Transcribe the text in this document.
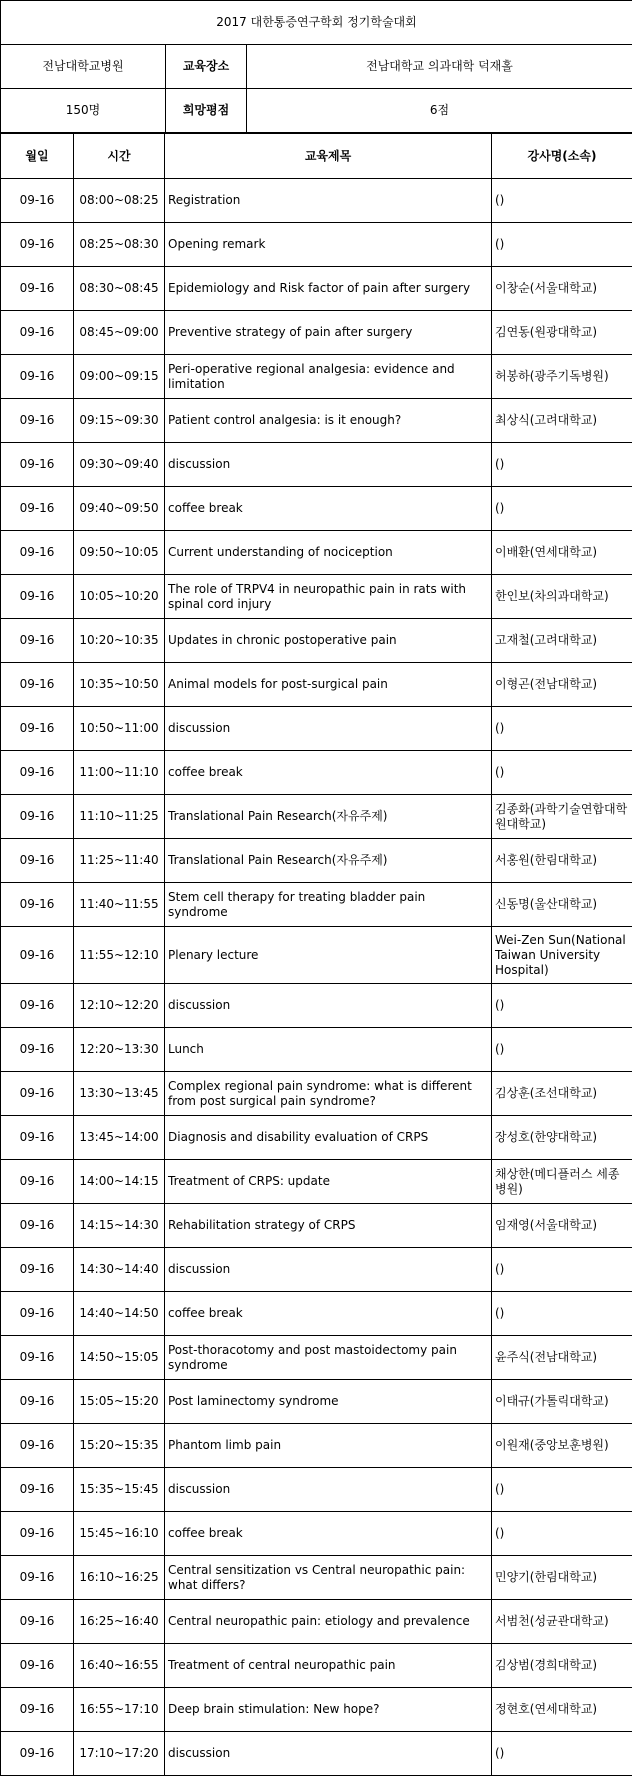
2017 대한통증연구학회 정기학술대회		
전남대학교병원	교육장소	전남대학교 의과대학 덕재홀
150명	희망평점	6점
월일	시간	교육제목	강사명(소속)
09-16	08:00~08:25	Registration	()
09-16	08:25~08:30	Opening remark	()
09-16	08:30~08:45	Epidemiology and Risk factor of pain after surgery	이창순(서울대학교)
09-16	08:45~09:00	Preventive strategy of pain after surgery	김연동(원광대학교)
09-16	09:00~09:15	Peri-operative regional analgesia: evidence and limitation	허봉하(광주기독병원)
09-16	09:15~09:30	Patient control analgesia: is it enough?	최상식(고려대학교)
09-16	09:30~09:40	discussion	()
09-16	09:40~09:50	coffee break	()
09-16	09:50~10:05	Current understanding of nociception	이배환(연세대학교)
09-16	10:05~10:20	The role of TRPV4 in neuropathic pain in rats with spinal cord injury	한인보(차의과대학교)
09-16	10:20~10:35	Updates in chronic postoperative pain	고재철(고려대학교)
09-16	10:35~10:50	Animal models for post-surgical pain	이형곤(전남대학교)
09-16	10:50~11:00	discussion	()
09-16	11:00~11:10	coffee break	()
09-16	11:10~11:25	Translational Pain Research(자유주제)	김종화(과학기술연합대학원대학교)
09-16	11:25~11:40	Translational Pain Research(자유주제)	서홍원(한림대학교)
09-16	11:40~11:55	Stem cell therapy for treating bladder pain syndrome	신동명(울산대학교)
09-16	11:55~12:10	Plenary lecture	Wei-Zen Sun(National Taiwan University Hospital)
09-16	12:10~12:20	discussion	()
09-16	12:20~13:30	Lunch	()
09-16	13:30~13:45	Complex regional pain syndrome: what is different from post surgical pain syndrome?	김상훈(조선대학교)
09-16	13:45~14:00	Diagnosis and disability evaluation of CRPS	장성호(한양대학교)
09-16	14:00~14:15	Treatment of CRPS: update	채상한(메디플러스 세종병원)
09-16	14:15~14:30	Rehabilitation strategy of CRPS	임재영(서울대학교)
09-16	14:30~14:40	discussion	()
09-16	14:40~14:50	coffee break	()
09-16	14:50~15:05	Post-thoracotomy and post mastoidectomy pain syndrome	윤주식(전남대학교)
09-16	15:05~15:20	Post laminectomy syndrome	이태규(가톨릭대학교)
09-16	15:20~15:35	Phantom limb pain	이원재(중앙보훈병원)
09-16	15:35~15:45	discussion	()
09-16	15:45~16:10	coffee break	()
09-16	16:10~16:25	Central sensitization vs Central neuropathic pain: what differs?	민양기(한림대학교)
09-16	16:25~16:40	Central neuropathic pain: etiology and prevalence	서범천(성균관대학교)
09-16	16:40~16:55	Treatment of central neuropathic pain	김상범(경희대학교)
09-16	16:55~17:10	Deep brain stimulation: New hope?	정현호(연세대학교)
09-16	17:10~17:20	discussion	()
